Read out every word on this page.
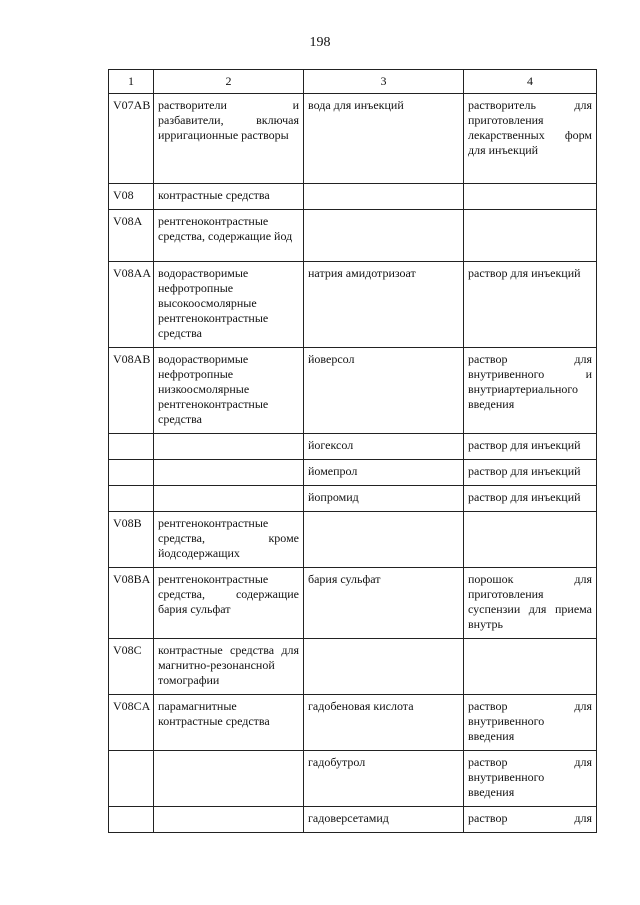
198
1	2	3	4
V07AB	растворители и разбавители, включая ирригационные растворы	вода для инъекций	растворитель для приготовления лекарственных форм для инъекций
V08	контрастные средства		
V08A	рентгеноконтрастные средства, содержащие йод		
V08AA	водорастворимые нефротропные высокоосмолярные рентгеноконтрастные средства	натрия амидотризоат	раствор для инъекций
V08AB	водорастворимые нефротропные низкоосмолярные рентгеноконтрастные средства	йоверсол	раствор для внутривенного и внутриартериального введения
		йогексол	раствор для инъекций
		йомепрол	раствор для инъекций
		йопромид	раствор для инъекций
V08B	рентгеноконтрастные средства, кроме йодсодержащих		
V08BA	рентгеноконтрастные средства, содержащие бария сульфат	бария сульфат	порошок для приготовления суспензии для приема внутрь
V08C	контрастные средства для магнитно-резонансной томографии		
V08CA	парамагнитные контрастные средства	гадобеновая кислота	раствор для внутривенного введения
		гадобутрол	раствор для внутривенного введения
		гадоверсетамид	раствор для
